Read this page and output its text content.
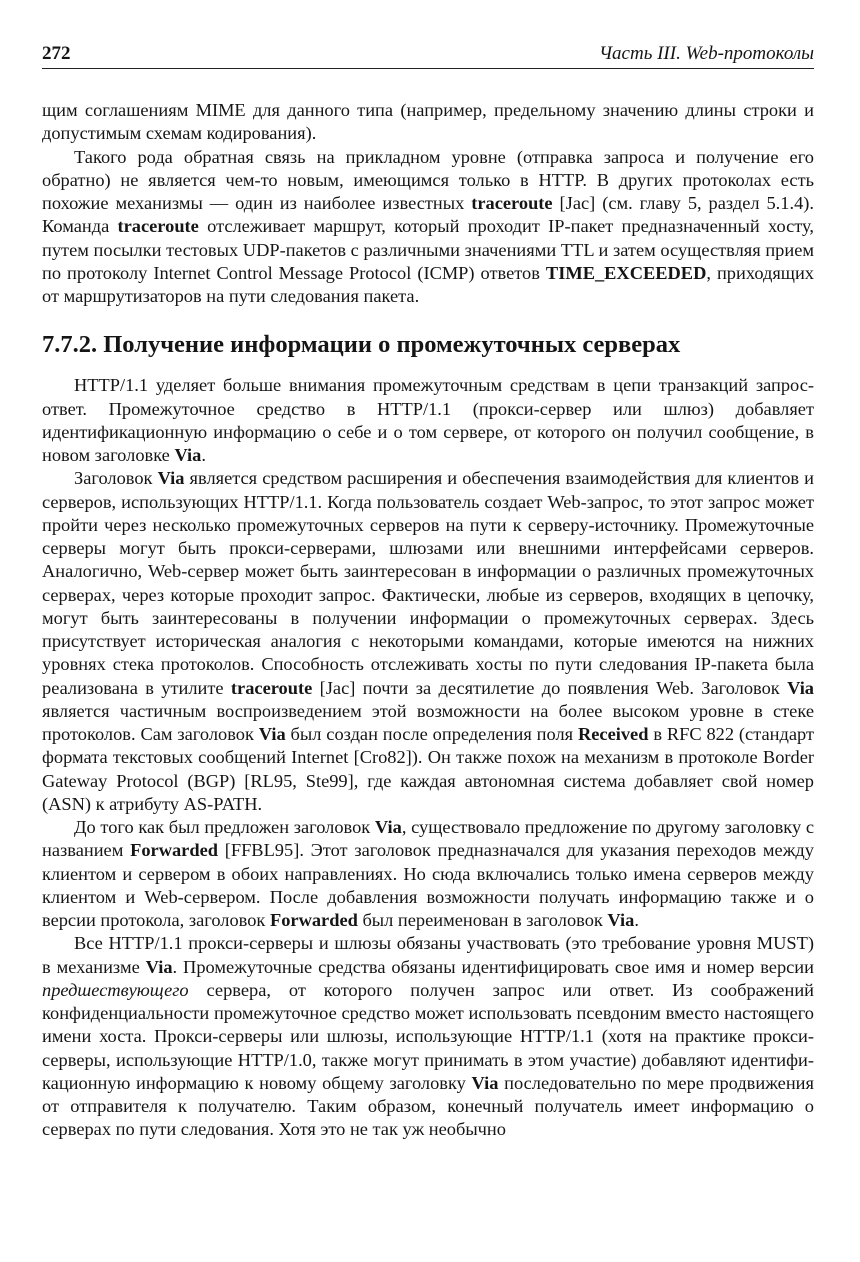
272	Часть III. Web-протоколы

щим соглашениям MIME для данного типа (например, предельному значению длины строки и допустимым схемам кодирования).

Такого рода обратная связь на прикладном уровне (отправка запроса и получение его обратно) не является чем-то новым, имеющимся только в HTTP. В других протоколах есть похожие механизмы — один из наиболее известных traceroute [Jac] (см. главу 5, раздел 5.1.4). Команда traceroute отслеживает маршрут, который проходит IP-пакет предназначенный хосту, путем посылки тестовых UDP-пакетов с различными значениями TTL и затем осуществляя прием по протоколу Internet Control Message Protocol (ICMP) ответов TIME_EXCEEDED, приходящих от маршрутизаторов на пути следования пакета.

7.7.2. Получение информации о промежуточных серверах

HTTP/1.1 уделяет больше внимания промежуточным средствам в цепи транзакций запрос-ответ. Промежуточное средство в HTTP/1.1 (прокси-сервер или шлюз) добавляет идентификационную информацию о себе и о том сервере, от которого он получил сообщение, в новом заголовке Via.

Заголовок Via является средством расширения и обеспечения взаимодействия для клиентов и серверов, использующих HTTP/1.1. Когда пользователь создает Web-запрос, то этот запрос может пройти через несколько промежуточных серверов на пути к серверу-источнику. Промежуточные серверы могут быть прокси-серверами, шлюзами или внешними интерфейсами серверов. Аналогично, Web-сервер может быть заинтересован в информации о различных промежуточных серверах, через которые проходит запрос. Фактически, любые из серверов, входящих в цепочку, могут быть заинтересованы в получении информации о промежуточных серверах. Здесь присутствует историческая аналогия с некоторыми командами, которые имеются на нижних уровнях стека протоколов. Способность отслеживать хосты по пути следования IP-пакета была реализована в утилите traceroute [Jac] почти за десятилетие до появления Web. Заголовок Via является частичным воспроизведением этой возможности на более высоком уровне в стеке протоколов. Сам заголовок Via был создан после определения поля Received в RFC 822 (стандарт формата текстовых сообщений Internet [Cro82]). Он также похож на механизм в протоколе Border Gateway Protocol (BGP) [RL95, Ste99], где каждая автономная система добавляет свой номер (ASN) к атрибуту AS-PATH.

До того как был предложен заголовок Via, существовало предложение по другому заголовку с названием Forwarded [FFBL95]. Этот заголовок предназначался для указания переходов между клиентом и сервером в обоих направлениях. Но сюда включались только имена серверов между клиентом и Web-сервером. После добавления возможности получать информацию также и о версии протокола, заголовок Forwarded был переименован в заголовок Via.

Все HTTP/1.1 прокси-серверы и шлюзы обязаны участвовать (это требование уровня MUST) в механизме Via. Промежуточные средства обязаны идентифицировать свое имя и номер версии предшествующего сервера, от которого получен запрос или ответ. Из соображений конфиденциальности промежуточное средство может использовать псевдоним вместо настоящего имени хоста. Прокси-серверы или шлюзы, использующие HTTP/1.1 (хотя на практике прокси-серверы, использующие HTTP/1.0, также могут принимать в этом участие) добавляют идентификационную информацию к новому общему заголовку Via последовательно по мере продвижения от отправителя к получателю. Таким образом, конечный получатель имеет информацию о серверах по пути следования. Хотя это не так уж необычно
